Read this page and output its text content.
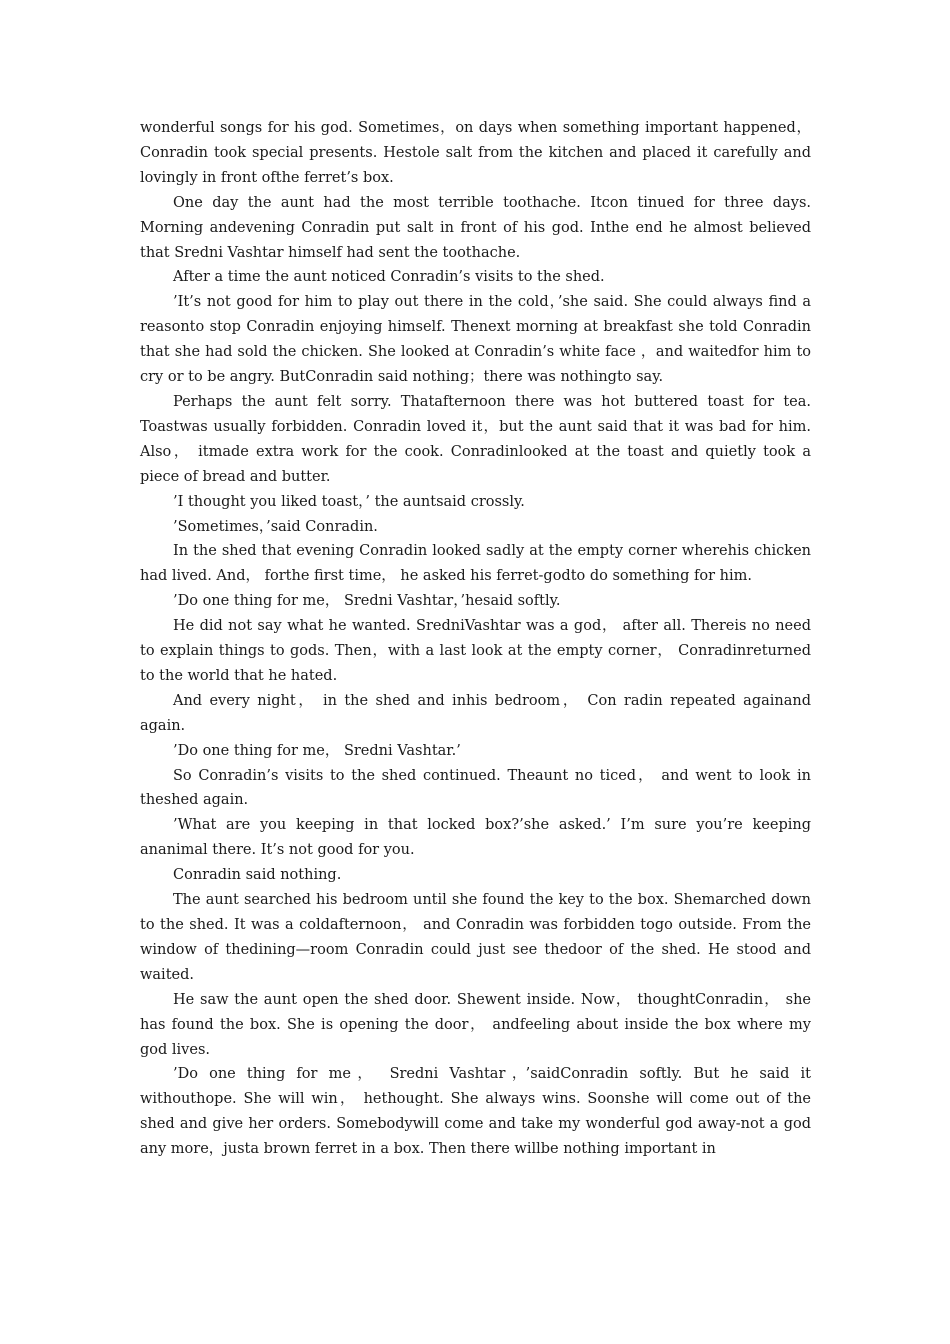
wonderful songs for his god. Sometimes，on days when something important happened，Conradin took special presents. Hestole salt from the kitchen and placed it carefully and lovingly in front ofthe ferret’s box.

One day the aunt had the most terrible toothache. Itcon tinued for three days. Morning andevening Conradin put salt in front of his god. Inthe end he almost believed that Sredni Vashtar himself had sent the toothache.

After a time the aunt noticed Conradin’s visits to the shed.

’It’s not good for him to play out there in the cold，’she said. She could always find a reasonto stop Conradin enjoying himself. Thenext morning at breakfast she told Conradin that she had sold the chicken. She looked at Conradin’s white face ，and waitedfor him to cry or to be angry. ButConradin said nothing；there was nothingto say.

Perhaps the aunt felt sorry. Thatafternoon there was hot buttered toast for tea. Toastwas usually forbidden. Conradin loved it，but the aunt said that it was bad for him. Also， itmade extra work for the cook. Conradinlooked at the toast and quietly took a piece of bread and butter.

’I thought you liked toast，’ the auntsaid crossly.

’Sometimes，’said Conradin.

In the shed that evening Conradin looked sadly at the empty corner wherehis chicken had lived. And， forthe first time， he asked his ferret-godto do something for him.

’Do one thing for me， Sredni Vashtar，’hesaid softly.

He did not say what he wanted. SredniVashtar was a god， after all. Thereis no need to explain things to gods. Then，with a last look at the empty corner， Conradinreturned to the world that he hated.

And every night， in the shed and inhis bedroom， Con radin repeated againand again.

’Do one thing for me， Sredni Vashtar.’

So Conradin’s visits to the shed continued. Theaunt no ticed， and went to look in theshed again.

’What are you keeping in that locked box?’she asked.’ I’m sure you’re keeping ananimal there. It’s not good for you.

Conradin said nothing.

The aunt searched his bedroom until she found the key to the box. Shemarched down to the shed. It was a coldafternoon， and Conradin was forbidden togo outside. From the window of thedining—room Conradin could just see thedoor of the shed. He stood and waited.

He saw the aunt open the shed door. Shewent inside. Now， thoughtConradin， she has found the box. She is opening the door， andfeeling about inside the box where my god lives.

’Do one thing for me， Sredni Vashtar，’saidConradin softly. But he said it withouthope. She will win， hethought. She always wins. Soonshe will come out of the shed and give her orders. Somebodywill come and take my wonderful god away-not a god any more，justa brown ferret in a box. Then there willbe nothing important in
